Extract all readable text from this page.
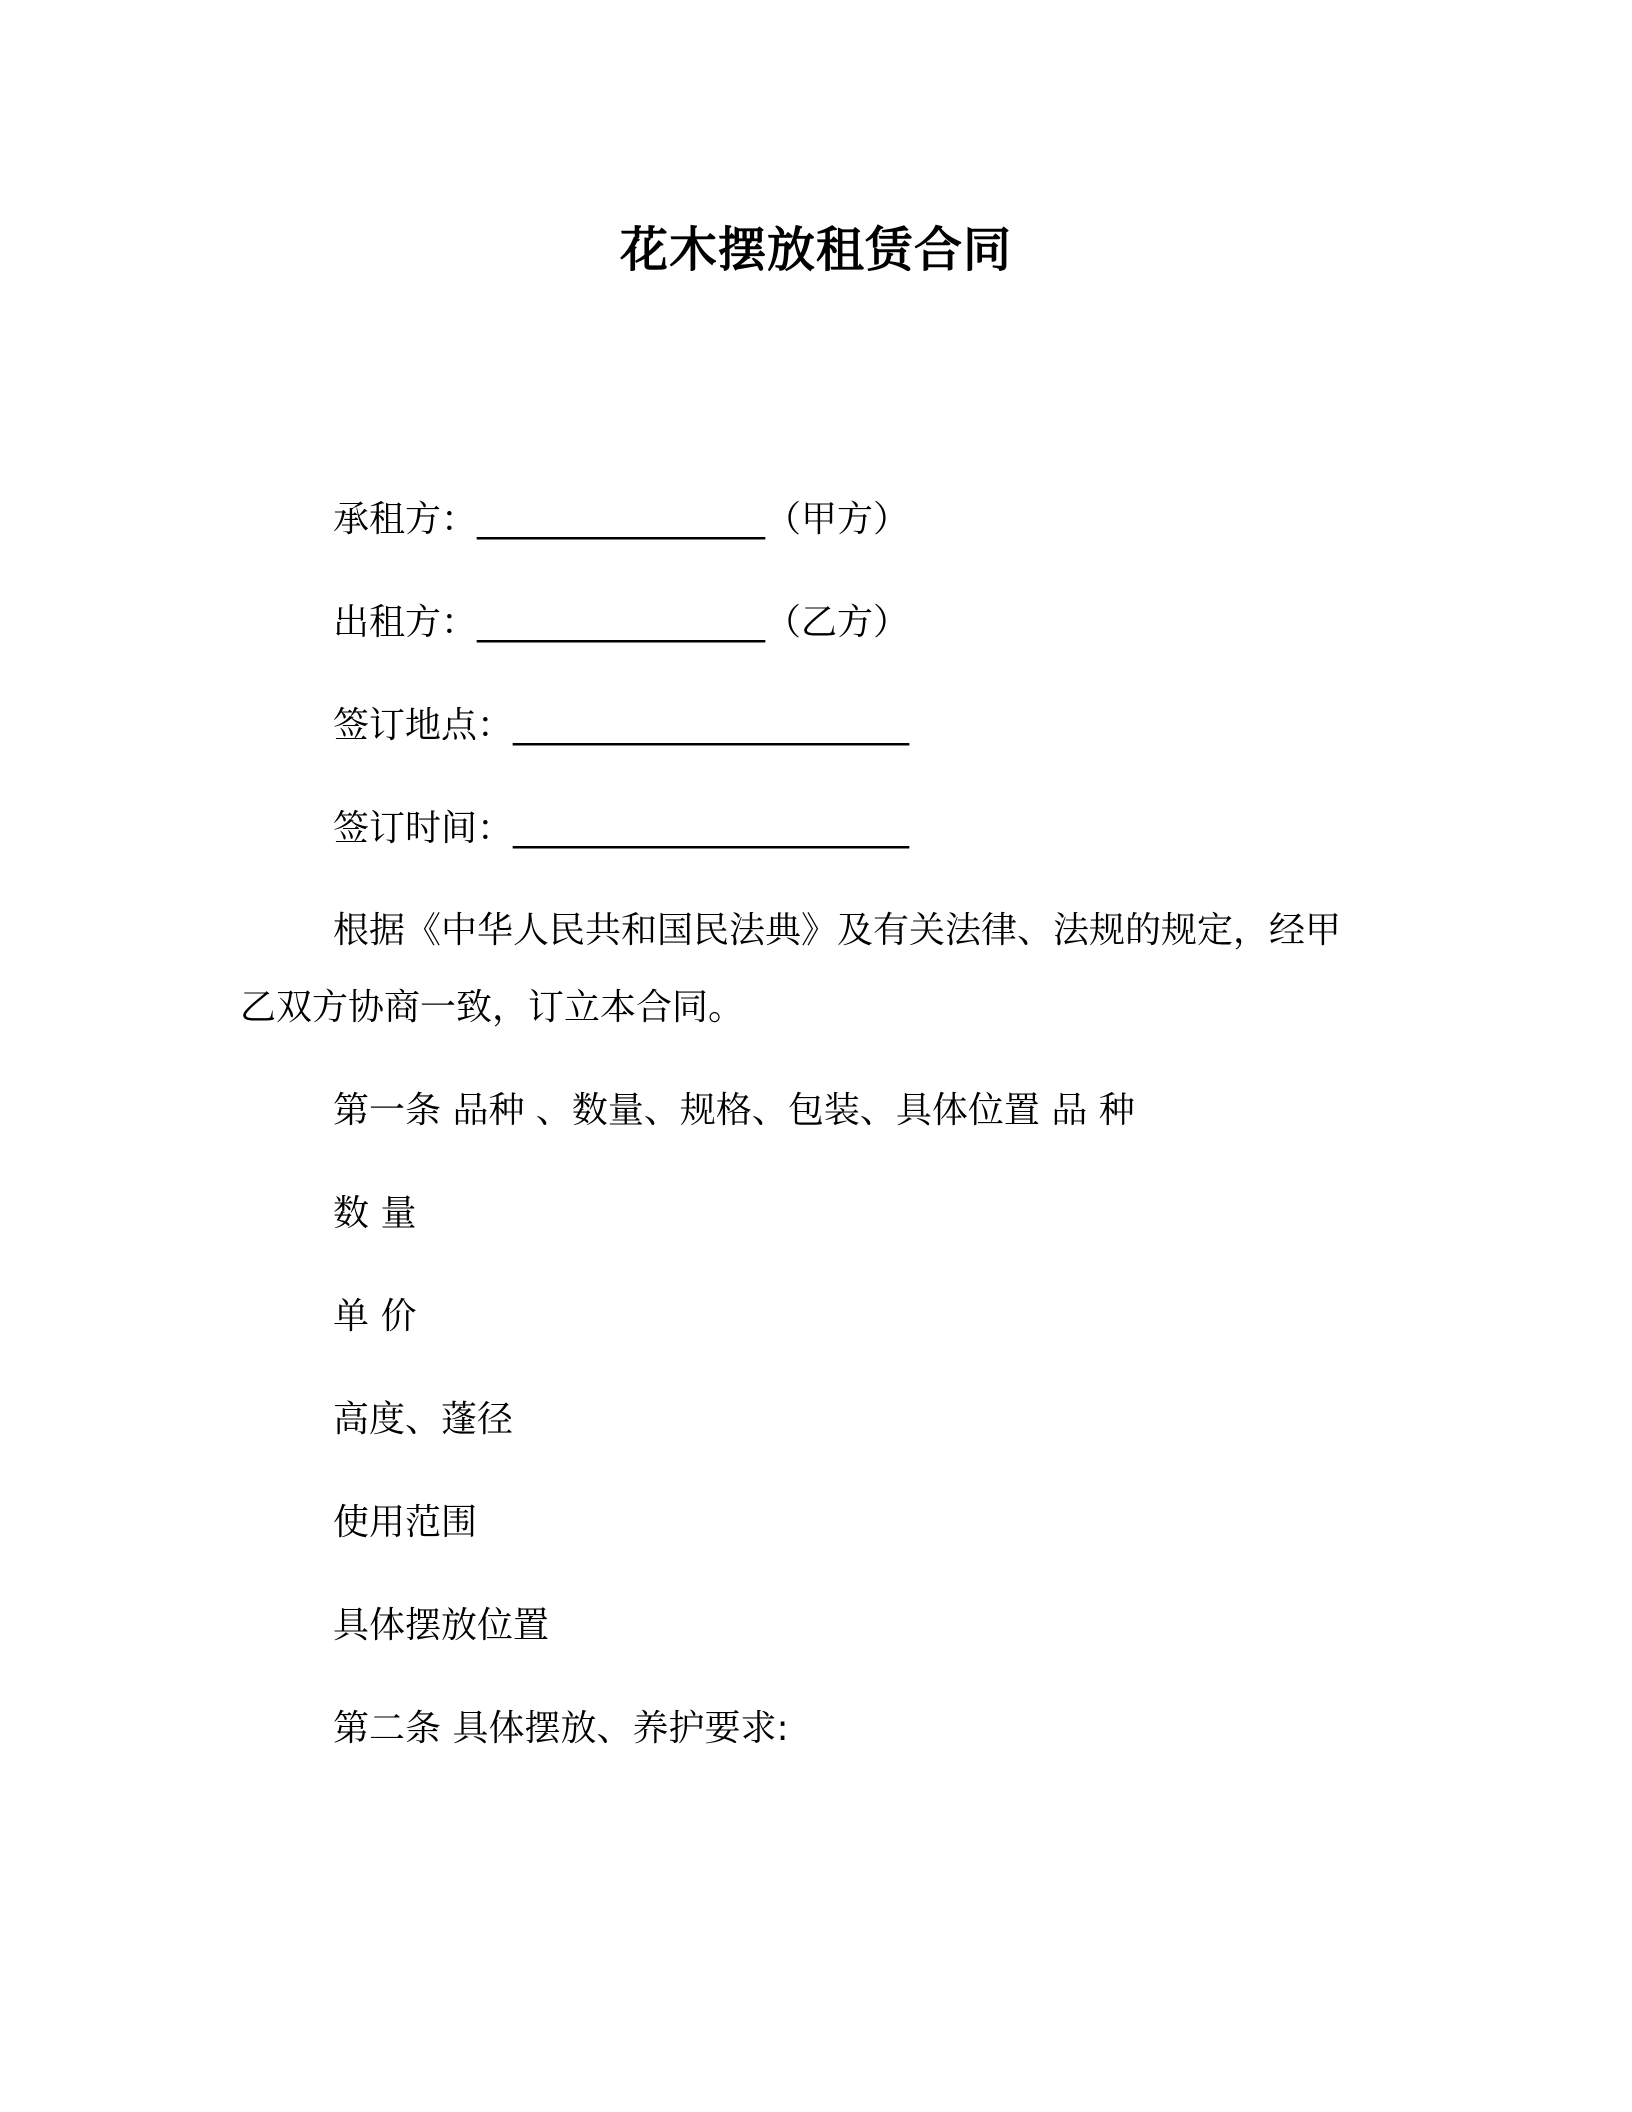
花木摆放租赁合同
承租方：________________（甲方）
出租方：________________（乙方）
签订地点：______________________
签订时间：______________________
根据《中华人民共和国民法典》及有关法律、法规的规定，经甲
乙双方协商一致，订立本合同。
第一条 品种 、数量、规格、包装、具体位置 品 种
数 量
单 价
高度、蓬径
使用范围
具体摆放位置
第二条 具体摆放、养护要求:
